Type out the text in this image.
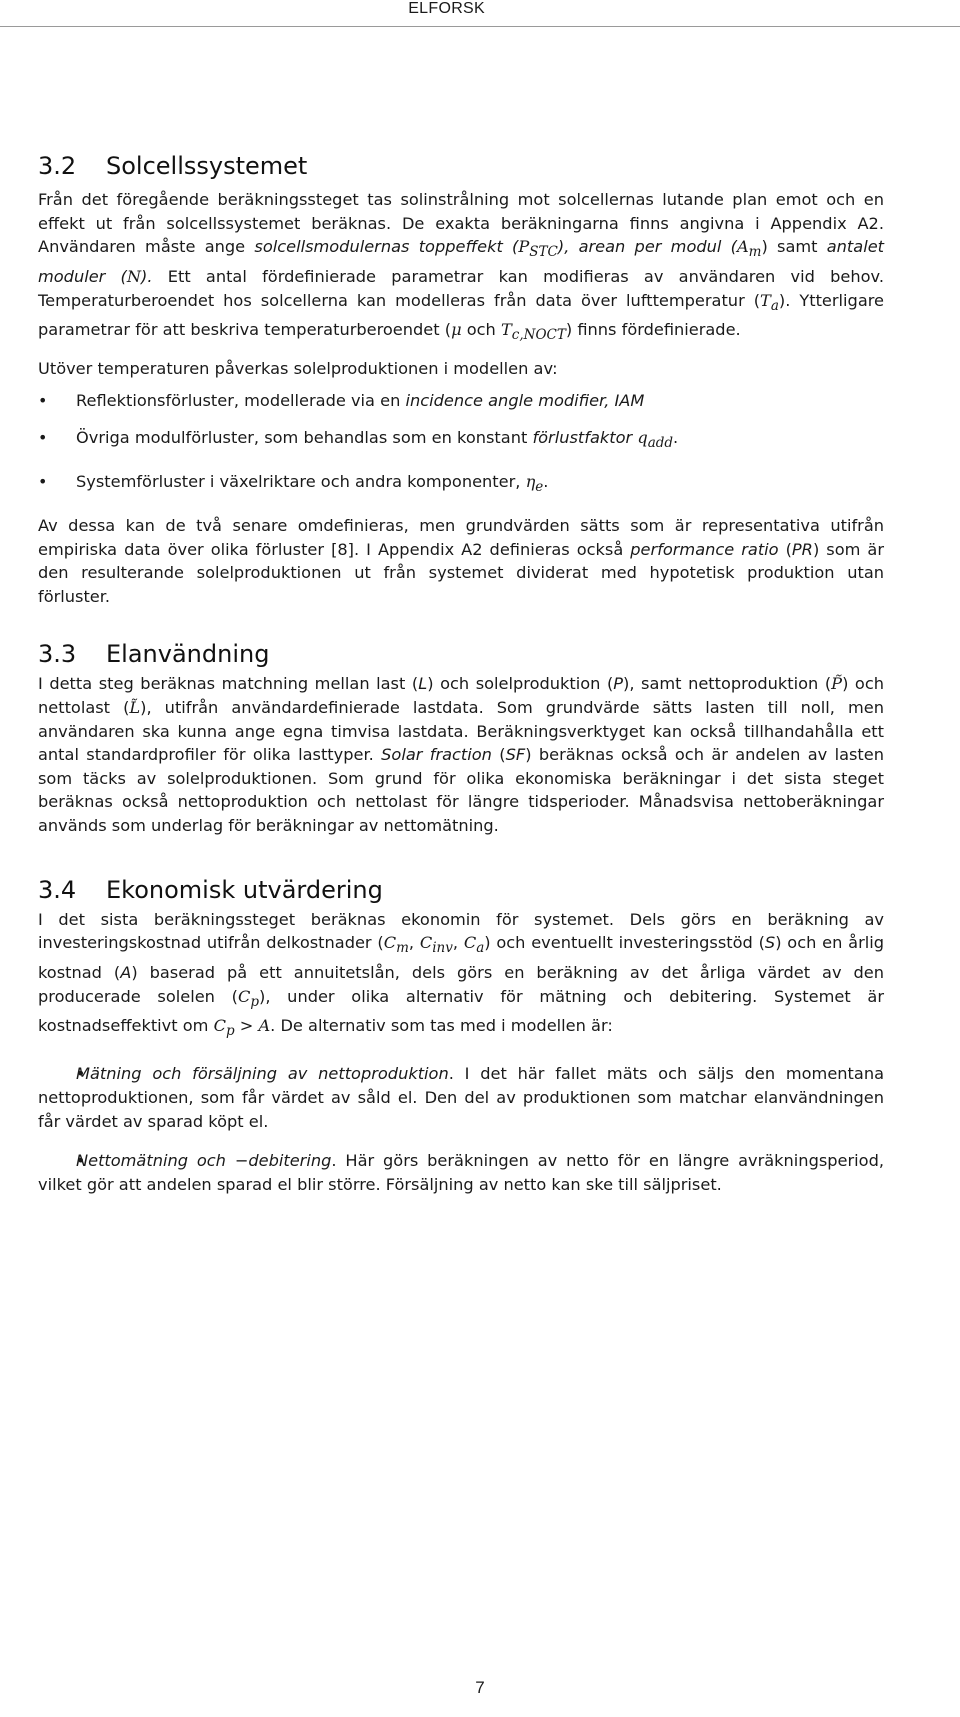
ELFORSK
3.2 Solcellssystemet

Från det föregående beräkningssteget tas solinstrålning mot solcellernas lutande plan emot och en effekt ut från solcellssystemet beräknas. De exakta beräkningarna finns angivna i Appendix A2. Användaren måste ange solcellsmodulernas toppeffekt $(P_{STC})$, arean per modul $(A_m)$ samt antalet moduler (N). Ett antal fördefinierade parametrar kan modifieras av användaren vid behov. Temperaturberoendet hos solcellerna kan modelleras från data över lufttemperatur $(T_a)$. Ytterligare parametrar för att beskriva temperaturberoendet (μ och $T_{c,NOCT}$) finns fördefinierade.

Utöver temperaturen påverkas solelproduktionen i modellen av:

• Reflektionsförluster, modellerade via en incidence angle modifier, IAM
• Övriga modulförluster, som behandlas som en konstant förlustfaktor $q_{add}$.
• Systemförluster i växelriktare och andra komponenter, $\eta_e$.

Av dessa kan de två senare omdefinieras, men grundvärden sätts som är representativa utifrån empiriska data över olika förluster [8]. I Appendix A2 definieras också performance ratio (PR) som är den resulterande solelproduktionen ut från systemet dividerat med hypotetisk produktion utan förluster.

3.3 Elanvändning

I detta steg beräknas matchning mellan last (L) och solelproduktion (P), samt nettoproduktion (P̃) och nettolast (L̃), utifrån användardefinierade lastdata. Som grundvärde sätts lasten till noll, men användaren ska kunna ange egna timvisa lastdata. Beräkningsverktyget kan också tillhandahålla ett antal standardprofiler för olika lasttyper. Solar fraction (SF) beräknas också och är andelen av lasten som täcks av solelproduktionen. Som grund för olika ekonomiska beräkningar i det sista steget beräknas också nettoproduktion och nettolast för längre tidsperioder. Månadsvisa nettoberäkningar används som underlag för beräkningar av nettomätning.

3.4 Ekonomisk utvärdering

I det sista beräkningssteget beräknas ekonomin för systemet. Dels görs en beräkning av investeringskostnad utifrån delkostnader ($C_m$, $C_{inv}$, $C_a$) och eventuellt investeringsstöd (S) och en årlig kostnad (A) baserad på ett annuitetslån, dels görs en beräkning av det årliga värdet av den producerade solelen $(C_p)$, under olika alternativ för mätning och debitering. Systemet är kostnadseffektivt om $C_p > A$. De alternativ som tas med i modellen är:

• Mätning och försäljning av nettoproduktion. I det här fallet mäts och säljs den momentana nettoproduktionen, som får värdet av såld el. Den del av produktionen som matchar elanvändningen får värdet av sparad köpt el.
• Nettomätning och −debitering. Här görs beräkningen av netto för en längre avräkningsperiod, vilket gör att andelen sparad el blir större. Försäljning av netto kan ske till säljpriset.
7
